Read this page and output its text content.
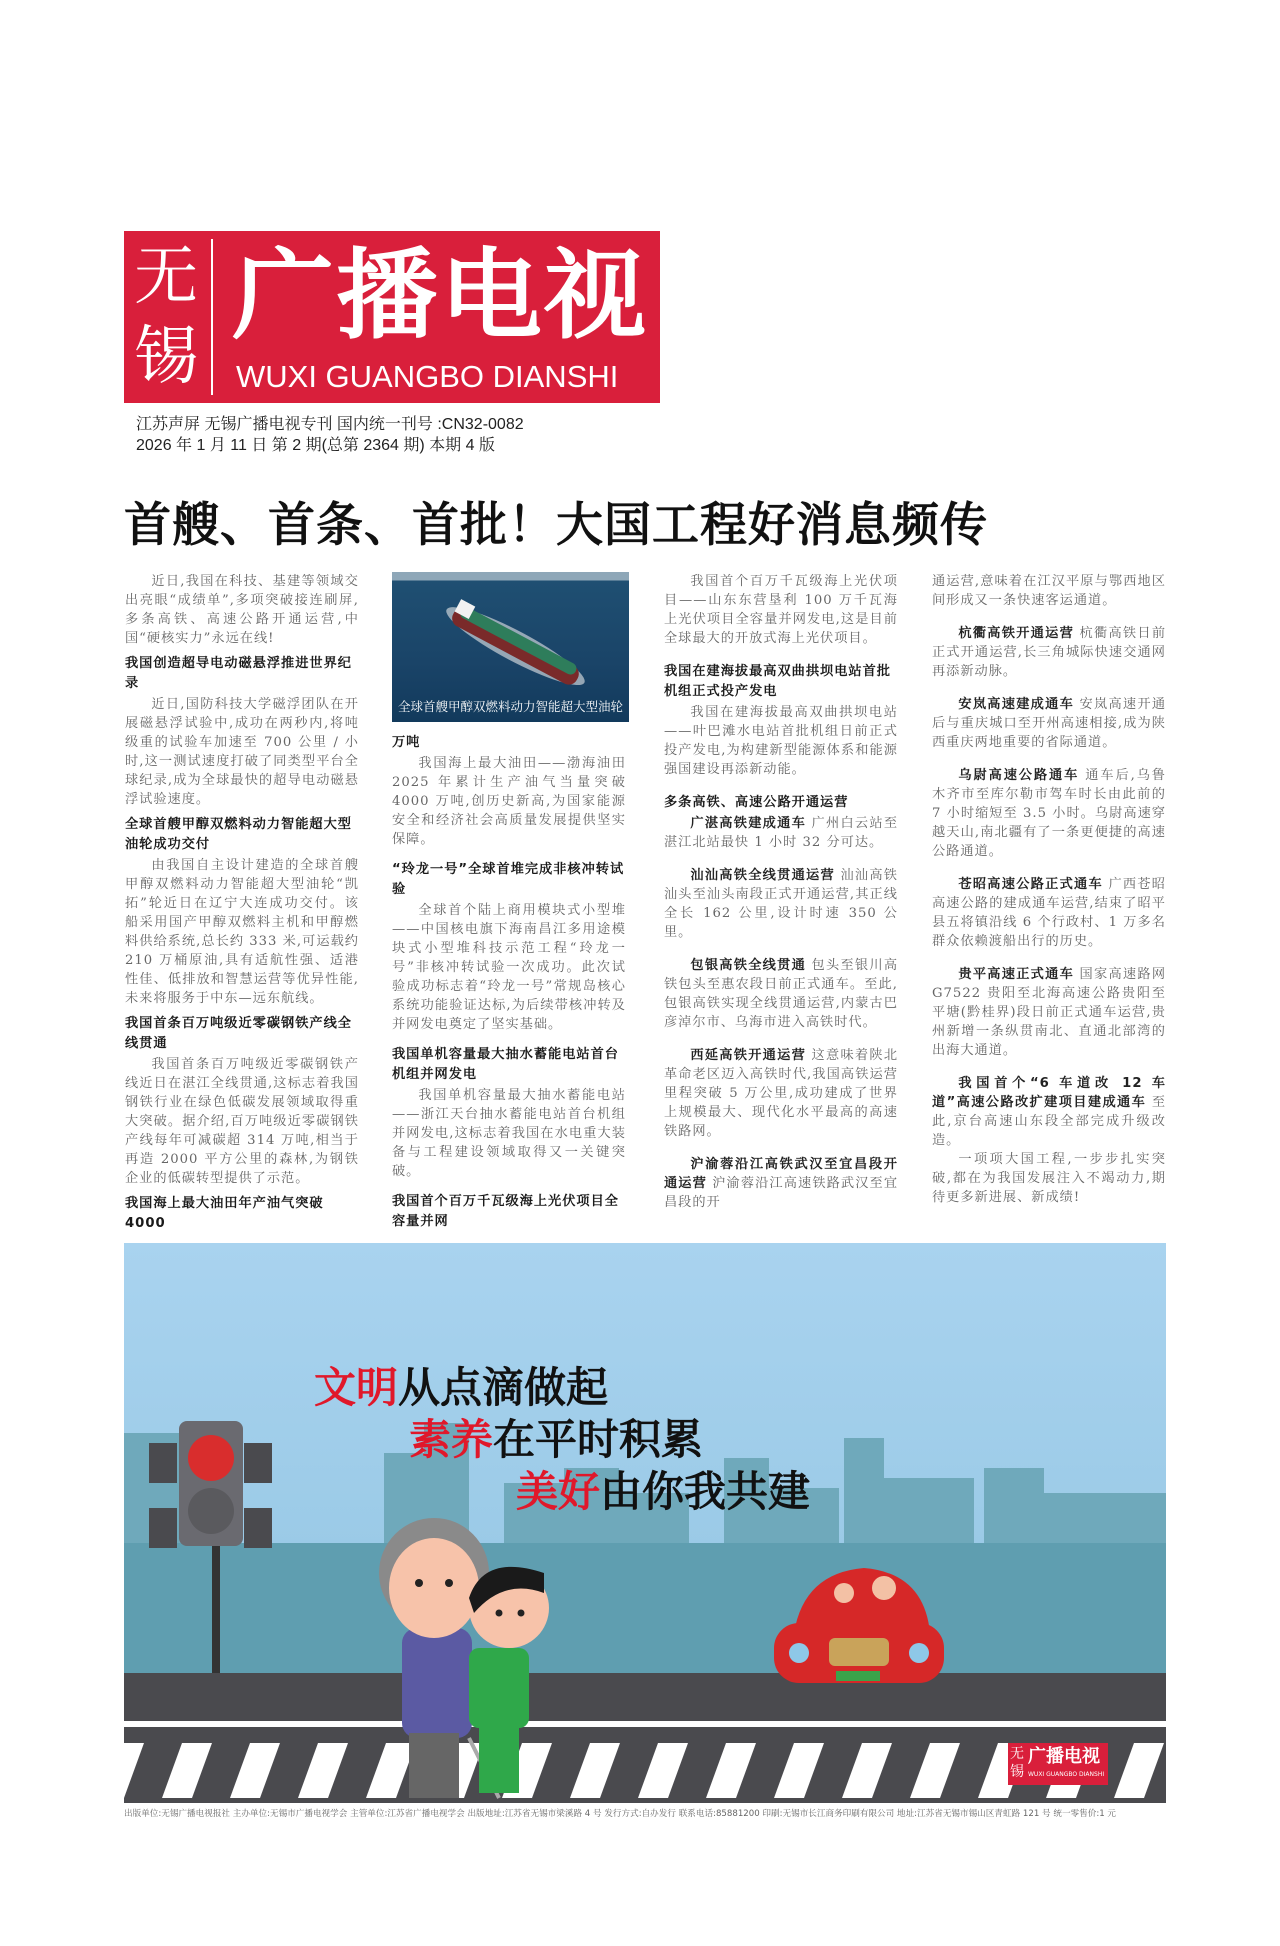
无锡
广播电视
WUXI GUANGBO DIANSHI
江苏声屏 无锡广播电视专刊 国内统一刊号 :CN32-0082
2026 年 1 月 11 日 第 2 期(总第 2364 期) 本期 4 版
首艘、首条、首批！大国工程好消息频传

近日,我国在科技、基建等领域交出亮眼“成绩单”,多项突破接连刷屏,多条高铁、高速公路开通运营,中国“硬核实力”永远在线!

我国创造超导电动磁悬浮推进世界纪录

近日,国防科技大学磁浮团队在开展磁悬浮试验中,成功在两秒内,将吨级重的试验车加速至 700 公里 / 小时,这一测试速度打破了同类型平台全球纪录,成为全球最快的超导电动磁悬浮试验速度。

全球首艘甲醇双燃料动力智能超大型油轮成功交付

由我国自主设计建造的全球首艘甲醇双燃料动力智能超大型油轮“凯拓”轮近日在辽宁大连成功交付。该船采用国产甲醇双燃料主机和甲醇燃料供给系统,总长约 333 米,可运载约 210 万桶原油,具有适航性强、适港性佳、低排放和智慧运营等优异性能,未来将服务于中东—远东航线。

我国首条百万吨级近零碳钢铁产线全线贯通

我国首条百万吨级近零碳钢铁产线近日在湛江全线贯通,这标志着我国钢铁行业在绿色低碳发展领域取得重大突破。据介绍,百万吨级近零碳钢铁产线每年可减碳超 314 万吨,相当于再造 2000 平方公里的森林,为钢铁企业的低碳转型提供了示范。

我国海上最大油田年产油气突破 4000
全球首艘甲醇双燃料动力智能超大型油轮
万吨

我国海上最大油田——渤海油田 2025 年累计生产油气当量突破 4000 万吨,创历史新高,为国家能源安全和经济社会高质量发展提供坚实保障。

“玲龙一号”全球首堆完成非核冲转试验

全球首个陆上商用模块式小型堆——中国核电旗下海南昌江多用途模块式小型堆科技示范工程“玲龙一号”非核冲转试验一次成功。此次试验成功标志着“玲龙一号”常规岛核心系统功能验证达标,为后续带核冲转及并网发电奠定了坚实基础。

我国单机容量最大抽水蓄能电站首台机组并网发电

我国单机容量最大抽水蓄能电站——浙江天台抽水蓄能电站首台机组并网发电,这标志着我国在水电重大装备与工程建设领域取得又一关键突破。

我国首个百万千瓦级海上光伏项目全容量并网

我国首个百万千瓦级海上光伏项目——山东东营垦利 100 万千瓦海上光伏项目全容量并网发电,这是目前全球最大的开放式海上光伏项目。

我国在建海拔最高双曲拱坝电站首批机组正式投产发电

我国在建海拔最高双曲拱坝电站——叶巴滩水电站首批机组日前正式投产发电,为构建新型能源体系和能源强国建设再添新动能。

多条高铁、高速公路开通运营

广湛高铁建成通车 广州白云站至湛江北站最快 1 小时 32 分可达。

汕汕高铁全线贯通运营 汕汕高铁汕头至汕头南段正式开通运营,其正线全长 162 公里,设计时速 350 公里。

包银高铁全线贯通 包头至银川高铁包头至惠农段日前正式通车。至此,包银高铁实现全线贯通运营,内蒙古巴彦淖尔市、乌海市进入高铁时代。

西延高铁开通运营 这意味着陕北革命老区迈入高铁时代,我国高铁运营里程突破 5 万公里,成功建成了世界上规模最大、现代化水平最高的高速铁路网。

沪渝蓉沿江高铁武汉至宜昌段开通运营 沪渝蓉沿江高速铁路武汉至宜昌段的开

通运营,意味着在江汉平原与鄂西地区间形成又一条快速客运通道。

杭衢高铁开通运营 杭衢高铁日前正式开通运营,长三角城际快速交通网再添新动脉。

安岚高速建成通车 安岚高速开通后与重庆城口至开州高速相接,成为陕西重庆两地重要的省际通道。

乌尉高速公路通车 通车后,乌鲁木齐市至库尔勒市驾车时长由此前的 7 小时缩短至 3.5 小时。乌尉高速穿越天山,南北疆有了一条更便捷的高速公路通道。

苍昭高速公路正式通车 广西苍昭高速公路的建成通车运营,结束了昭平县五将镇沿线 6 个行政村、1 万多名群众依赖渡船出行的历史。

贵平高速正式通车 国家高速路网 G7522 贵阳至北海高速公路贵阳至平塘(黔桂界)段日前正式通车运营,贵州新增一条纵贯南北、直通北部湾的出海大通道。

我国首个“6 车道改 12 车道”高速公路改扩建项目建成通车 至此,京台高速山东段全部完成升级改造。

一项项大国工程,一步步扎实突破,都在为我国发展注入不竭动力,期待更多新进展、新成绩!

文明从点滴做起
素养在平时积累
美好由你我共建
无锡
广播电视
WUXI GUANGBO DIANSHI
出版单位:无锡广播电视报社 主办单位:无锡市广播电视学会 主管单位:江苏省广播电视学会 出版地址:江苏省无锡市梁溪路 4 号 发行方式:自办发行 联系电话:85881200 印刷:无锡市长江商务印刷有限公司 地址:江苏省无锡市锡山区青虹路 121 号 统一零售价:1 元
